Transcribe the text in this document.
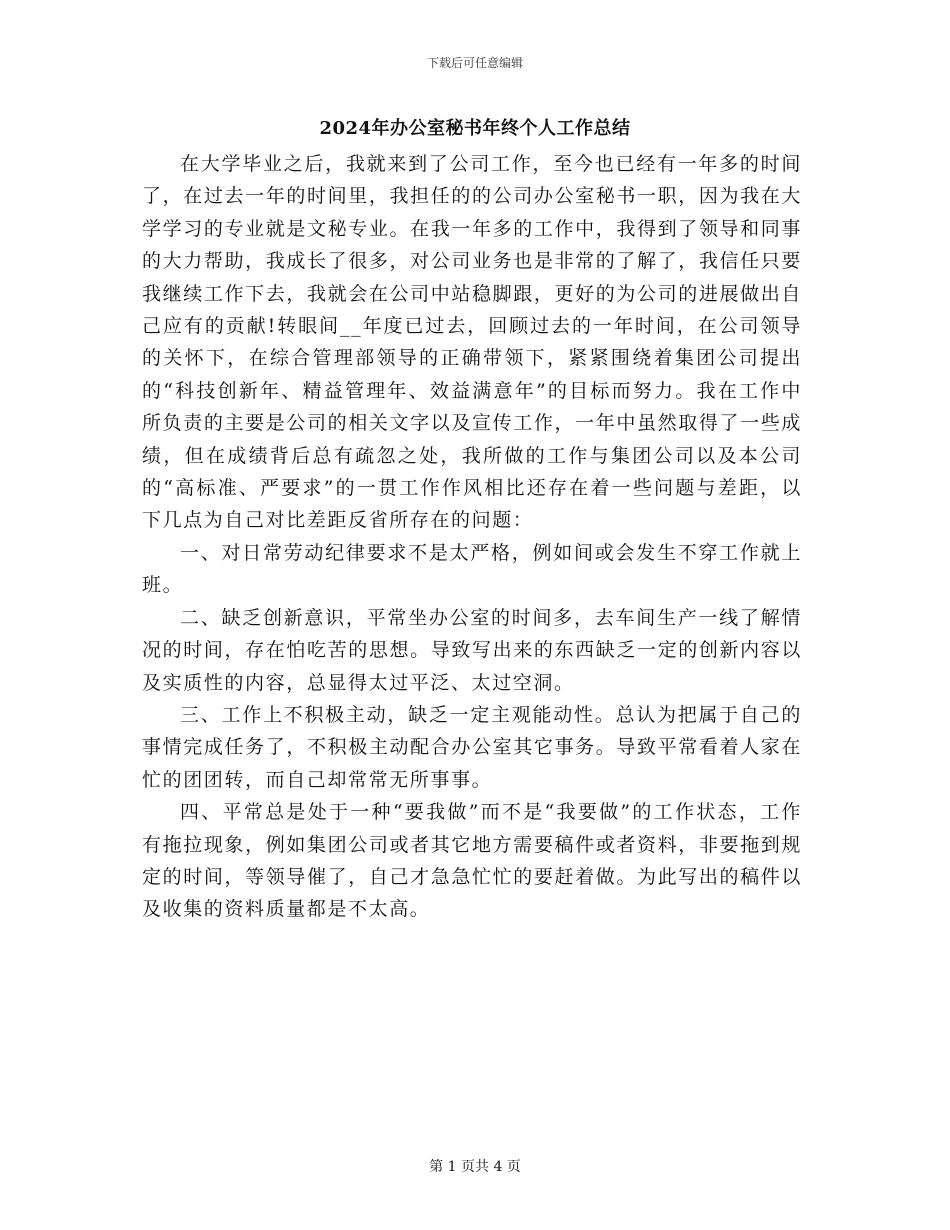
下载后可任意编辑
2024年办公室秘书年终个人工作总结

在大学毕业之后，我就来到了公司工作，至今也已经有一年多的时间了，在过去一年的时间里，我担任的的公司办公室秘书一职，因为我在大学学习的专业就是文秘专业。在我一年多的工作中，我得到了领导和同事的大力帮助，我成长了很多，对公司业务也是非常的了解了，我信任只要我继续工作下去，我就会在公司中站稳脚跟，更好的为公司的进展做出自己应有的贡献!转眼间__年度已过去，回顾过去的一年时间，在公司领导的关怀下，在综合管理部领导的正确带领下，紧紧围绕着集团公司提出的“科技创新年、精益管理年、效益满意年”的目标而努力。我在工作中所负责的主要是公司的相关文字以及宣传工作，一年中虽然取得了一些成绩，但在成绩背后总有疏忽之处，我所做的工作与集团公司以及本公司的“高标准、严要求”的一贯工作作风相比还存在着一些问题与差距，以下几点为自己对比差距反省所存在的问题：

一、对日常劳动纪律要求不是太严格，例如间或会发生不穿工作就上班。

二、缺乏创新意识，平常坐办公室的时间多，去车间生产一线了解情况的时间，存在怕吃苦的思想。导致写出来的东西缺乏一定的创新内容以及实质性的内容，总显得太过平泛、太过空洞。

三、工作上不积极主动，缺乏一定主观能动性。总认为把属于自己的事情完成任务了，不积极主动配合办公室其它事务。导致平常看着人家在忙的团团转，而自己却常常无所事事。

四、平常总是处于一种“要我做”而不是“我要做”的工作状态，工作有拖拉现象，例如集团公司或者其它地方需要稿件或者资料，非要拖到规定的时间，等领导催了，自己才急急忙忙的要赶着做。为此写出的稿件以及收集的资料质量都是不太高。

第 1 页共 4 页
